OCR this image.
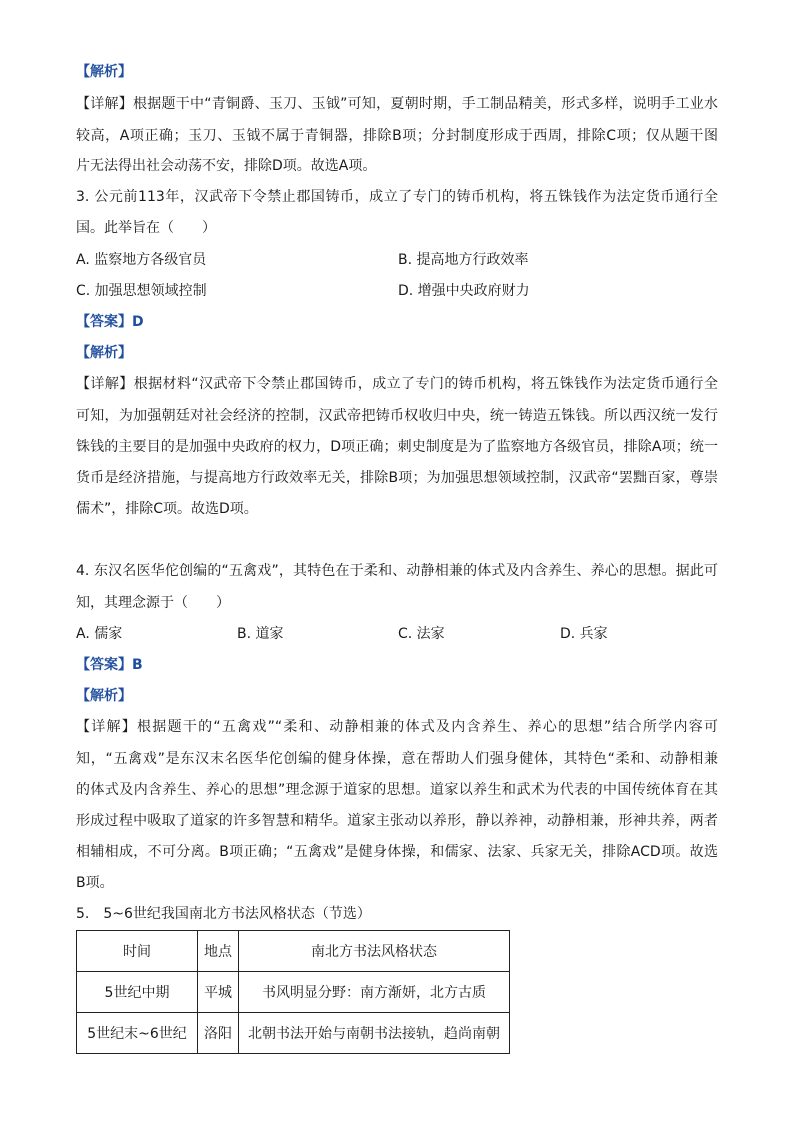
【解析】
【详解】根据题干中“青铜爵、玉刀、玉钺”可知，夏朝时期，手工制品精美，形式多样，说明手工业水
较高，A项正确；玉刀、玉钺不属于青铜器，排除B项；分封制度形成于西周，排除C项；仅从题干图
片无法得出社会动荡不安，排除D项。故选A项。
3. 公元前113年，汉武帝下令禁止郡国铸币，成立了专门的铸币机构，将五铢钱作为法定货币通行全
国。此举旨在（　　）
A. 监察地方各级官员	B. 提高地方行政效率
C. 加强思想领域控制	D. 增强中央政府财力
【答案】D
【解析】
【详解】根据材料“汉武帝下令禁止郡国铸币，成立了专门的铸币机构，将五铢钱作为法定货币通行全
可知，为加强朝廷对社会经济的控制，汉武帝把铸币权收归中央，统一铸造五铢钱。所以西汉统一发行
铢钱的主要目的是加强中央政府的权力，D项正确；刺史制度是为了监察地方各级官员，排除A项；统一
货币是经济措施，与提高地方行政效率无关，排除B项；为加强思想领域控制，汉武帝“罢黜百家，尊崇
儒术”，排除C项。故选D项。
4. 东汉名医华佗创编的“五禽戏”，其特色在于柔和、动静相兼的体式及内含养生、养心的思想。据此可
知，其理念源于（　　）
A. 儒家	B. 道家	C. 法家	D. 兵家
【答案】B
【解析】
【详解】根据题干的“五禽戏”“柔和、动静相兼的体式及内含养生、养心的思想”结合所学内容可
知，“五禽戏”是东汉末名医华佗创编的健身体操，意在帮助人们强身健体，其特色“柔和、动静相兼
的体式及内含养生、养心的思想”理念源于道家的思想。道家以养生和武术为代表的中国传统体育在其
形成过程中吸取了道家的许多智慧和精华。道家主张动以养形，静以养神，动静相兼，形神共养，两者
相辅相成，不可分离。B项正确；“五禽戏”是健身体操，和儒家、法家、兵家无关，排除ACD项。故选
B项。
5.　5~6世纪我国南北方书法风格状态（节选）
时间	地点	南北方书法风格状态
5世纪中期	平城	书风明显分野：南方渐妍，北方古质
5世纪末~6世纪	洛阳	北朝书法开始与南朝书法接轨，趋尚南朝
